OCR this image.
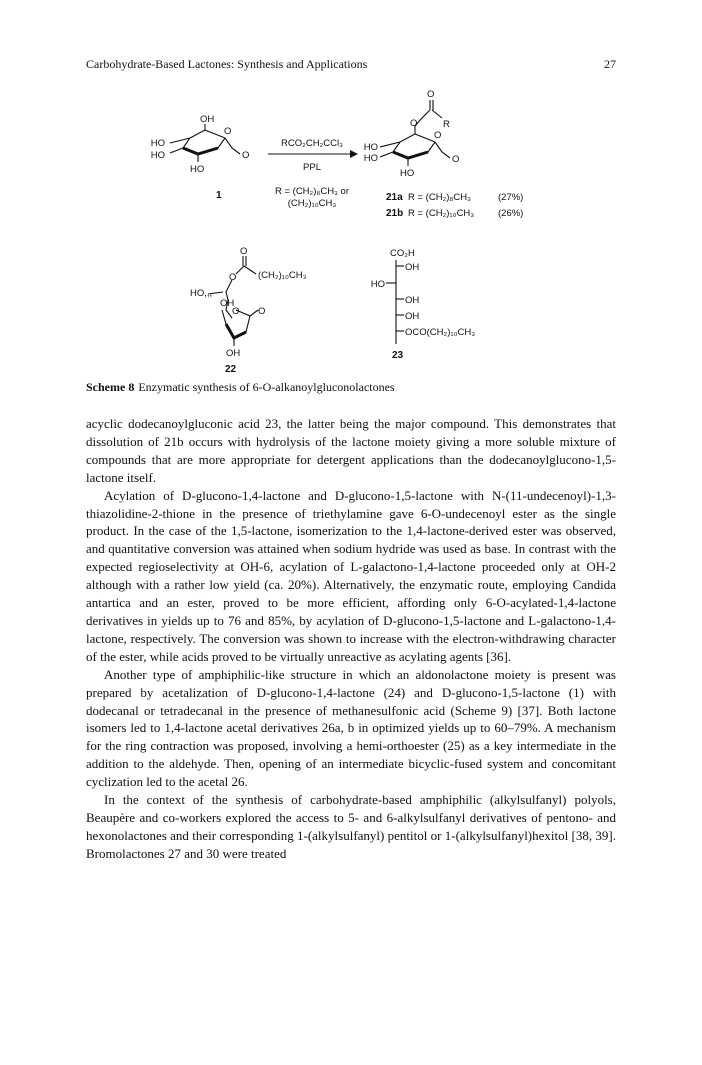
Carbohydrate-Based Lactones: Synthesis and Applications	27
OH
HO
HO
HO
O
O
1
RCO₂CH₂CCl₃
PPL
R = (CH₂)₈CH₃ or
(CH₂)₁₀CH₃
O
O	R
HO
HO
HO
O
O
21a R = (CH₂)₈CH₃	(27%)
21b R = (CH₂)₁₀CH₃	(26%)
O
O (CH₂)₁₀CH₃
HO,,,
OH
O O
OH
22
CO₂H
OH
HO
OH
OH
OCO(CH₂)₁₀CH₃
23
Scheme 8 Enzymatic synthesis of 6-O-alkanoylgluconolactones

acyclic dodecanoylgluconic acid 23, the latter being the major compound. This demonstrates that dissolution of 21b occurs with hydrolysis of the lactone moiety giving a more soluble mixture of compounds that are more appropriate for detergent applications than the dodecanoylglucono-1,5-lactone itself.

Acylation of D-glucono-1,4-lactone and D-glucono-1,5-lactone with N-(11-undecenoyl)-1,3-thiazolidine-2-thione in the presence of triethylamine gave 6-O-undecenoyl ester as the single product. In the case of the 1,5-lactone, isomerization to the 1,4-lactone-derived ester was observed, and quantitative conversion was attained when sodium hydride was used as base. In contrast with the expected regioselectivity at OH-6, acylation of L-galactono-1,4-lactone proceeded only at OH-2 although with a rather low yield (ca. 20%). Alternatively, the enzymatic route, employing Candida antartica and an ester, proved to be more efficient, affording only 6-O-acylated-1,4-lactone derivatives in yields up to 76 and 85%, by acylation of D-glucono-1,5-lactone and L-galactono-1,4-lactone, respectively. The conversion was shown to increase with the electron-withdrawing character of the ester, while acids proved to be virtually unreactive as acylating agents [36].

Another type of amphiphilic-like structure in which an aldonolactone moiety is present was prepared by acetalization of D-glucono-1,4-lactone (24) and D-glucono-1,5-lactone (1) with dodecanal or tetradecanal in the presence of methanesulfonic acid (Scheme 9) [37]. Both lactone isomers led to 1,4-lactone acetal derivatives 26a, b in optimized yields up to 60–79%. A mechanism for the ring contraction was proposed, involving a hemi-orthoester (25) as a key intermediate in the addition to the aldehyde. Then, opening of an intermediate bicyclic-fused system and concomitant cyclization led to the acetal 26.

In the context of the synthesis of carbohydrate-based amphiphilic (alkylsulfanyl) polyols, Beaupère and co-workers explored the access to 5- and 6-alkylsulfanyl derivatives of pentono- and hexonolactones and their corresponding 1-(alkylsulfanyl) pentitol or 1-(alkylsulfanyl)hexitol [38, 39]. Bromolactones 27 and 30 were treated
